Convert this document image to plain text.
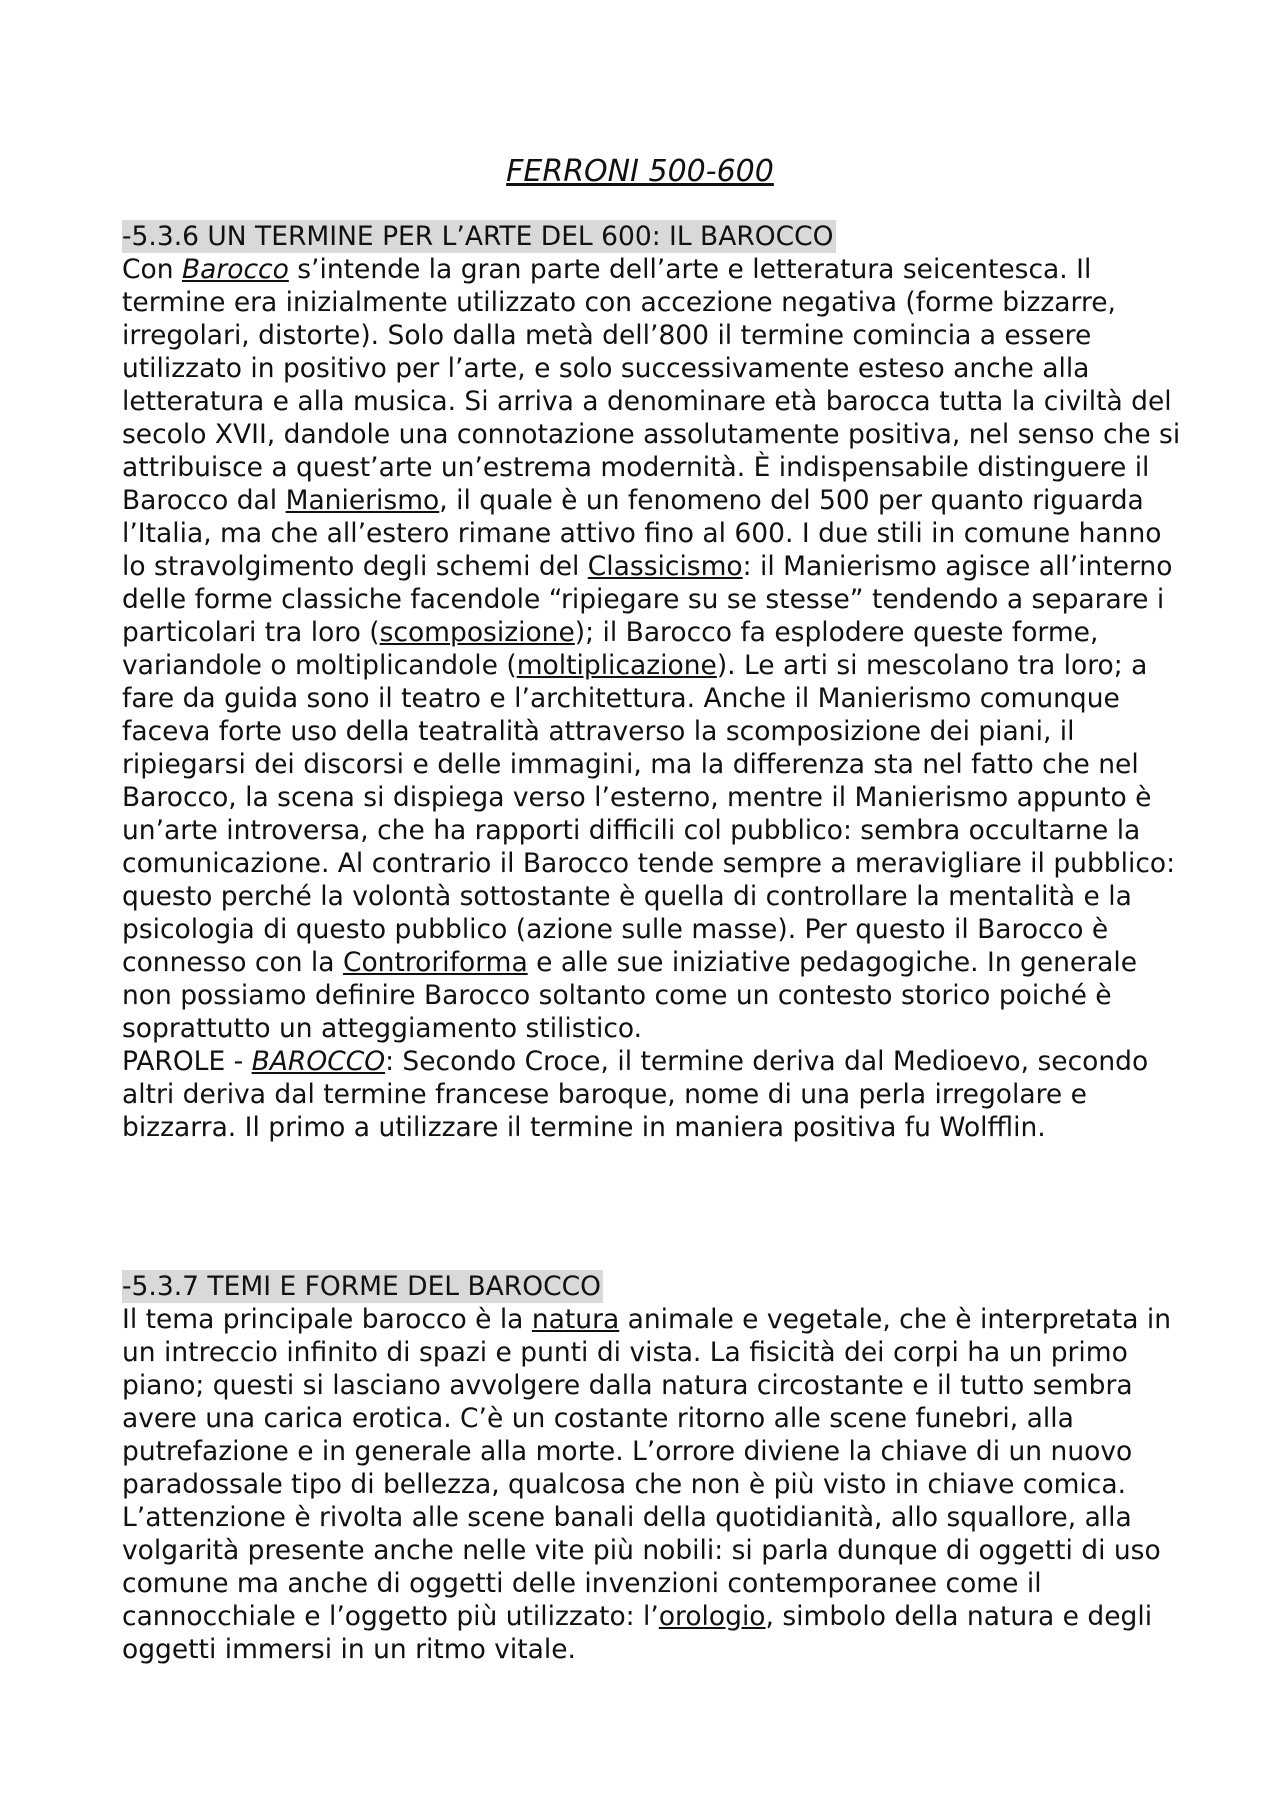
FERRONI 500-600
-5.3.6 UN TERMINE PER L’ARTE DEL 600: IL BAROCCO

Con Barocco s’intende la gran parte dell’arte e letteratura seicentesca. Il termine era inizialmente utilizzato con accezione negativa (forme bizzarre, irregolari, distorte). Solo dalla metà dell’800 il termine comincia a essere utilizzato in positivo per l’arte, e solo successivamente esteso anche alla letteratura e alla musica. Si arriva a denominare età barocca tutta la civiltà del secolo XVII, dandole una connotazione assolutamente positiva, nel senso che si attribuisce a quest’arte un’estrema modernità. È indispensabile distinguere il Barocco dal Manierismo, il quale è un fenomeno del 500 per quanto riguarda l’Italia, ma che all’estero rimane attivo fino al 600. I due stili in comune hanno lo stravolgimento degli schemi del Classicismo: il Manierismo agisce all’interno delle forme classiche facendole “ripiegare su se stesse” tendendo a separare i particolari tra loro (scomposizione); il Barocco fa esplodere queste forme, variandole o moltiplicandole (moltiplicazione). Le arti si mescolano tra loro; a fare da guida sono il teatro e l’architettura. Anche il Manierismo comunque faceva forte uso della teatralità attraverso la scomposizione dei piani, il ripiegarsi dei discorsi e delle immagini, ma la differenza sta nel fatto che nel Barocco, la scena si dispiega verso l’esterno, mentre il Manierismo appunto è un’arte introversa, che ha rapporti difficili col pubblico: sembra occultarne la comunicazione. Al contrario il Barocco tende sempre a meravigliare il pubblico: questo perché la volontà sottostante è quella di controllare la mentalità e la psicologia di questo pubblico (azione sulle masse). Per questo il Barocco è connesso con la Controriforma e alle sue iniziative pedagogiche. In generale non possiamo definire Barocco soltanto come un contesto storico poiché è soprattutto un atteggiamento stilistico.

PAROLE - BAROCCO: Secondo Croce, il termine deriva dal Medioevo, secondo altri deriva dal termine francese baroque, nome di una perla irregolare e bizzarra. Il primo a utilizzare il termine in maniera positiva fu Wolfflin.

-5.3.7 TEMI E FORME DEL BAROCCO

Il tema principale barocco è la natura animale e vegetale, che è interpretata in un intreccio infinito di spazi e punti di vista. La fisicità dei corpi ha un primo piano; questi si lasciano avvolgere dalla natura circostante e il tutto sembra avere una carica erotica. C’è un costante ritorno alle scene funebri, alla putrefazione e in generale alla morte. L’orrore diviene la chiave di un nuovo paradossale tipo di bellezza, qualcosa che non è più visto in chiave comica. L’attenzione è rivolta alle scene banali della quotidianità, allo squallore, alla volgarità presente anche nelle vite più nobili: si parla dunque di oggetti di uso comune ma anche di oggetti delle invenzioni contemporanee come il cannocchiale e l’oggetto più utilizzato: l’orologio, simbolo della natura e degli oggetti immersi in un ritmo vitale.
